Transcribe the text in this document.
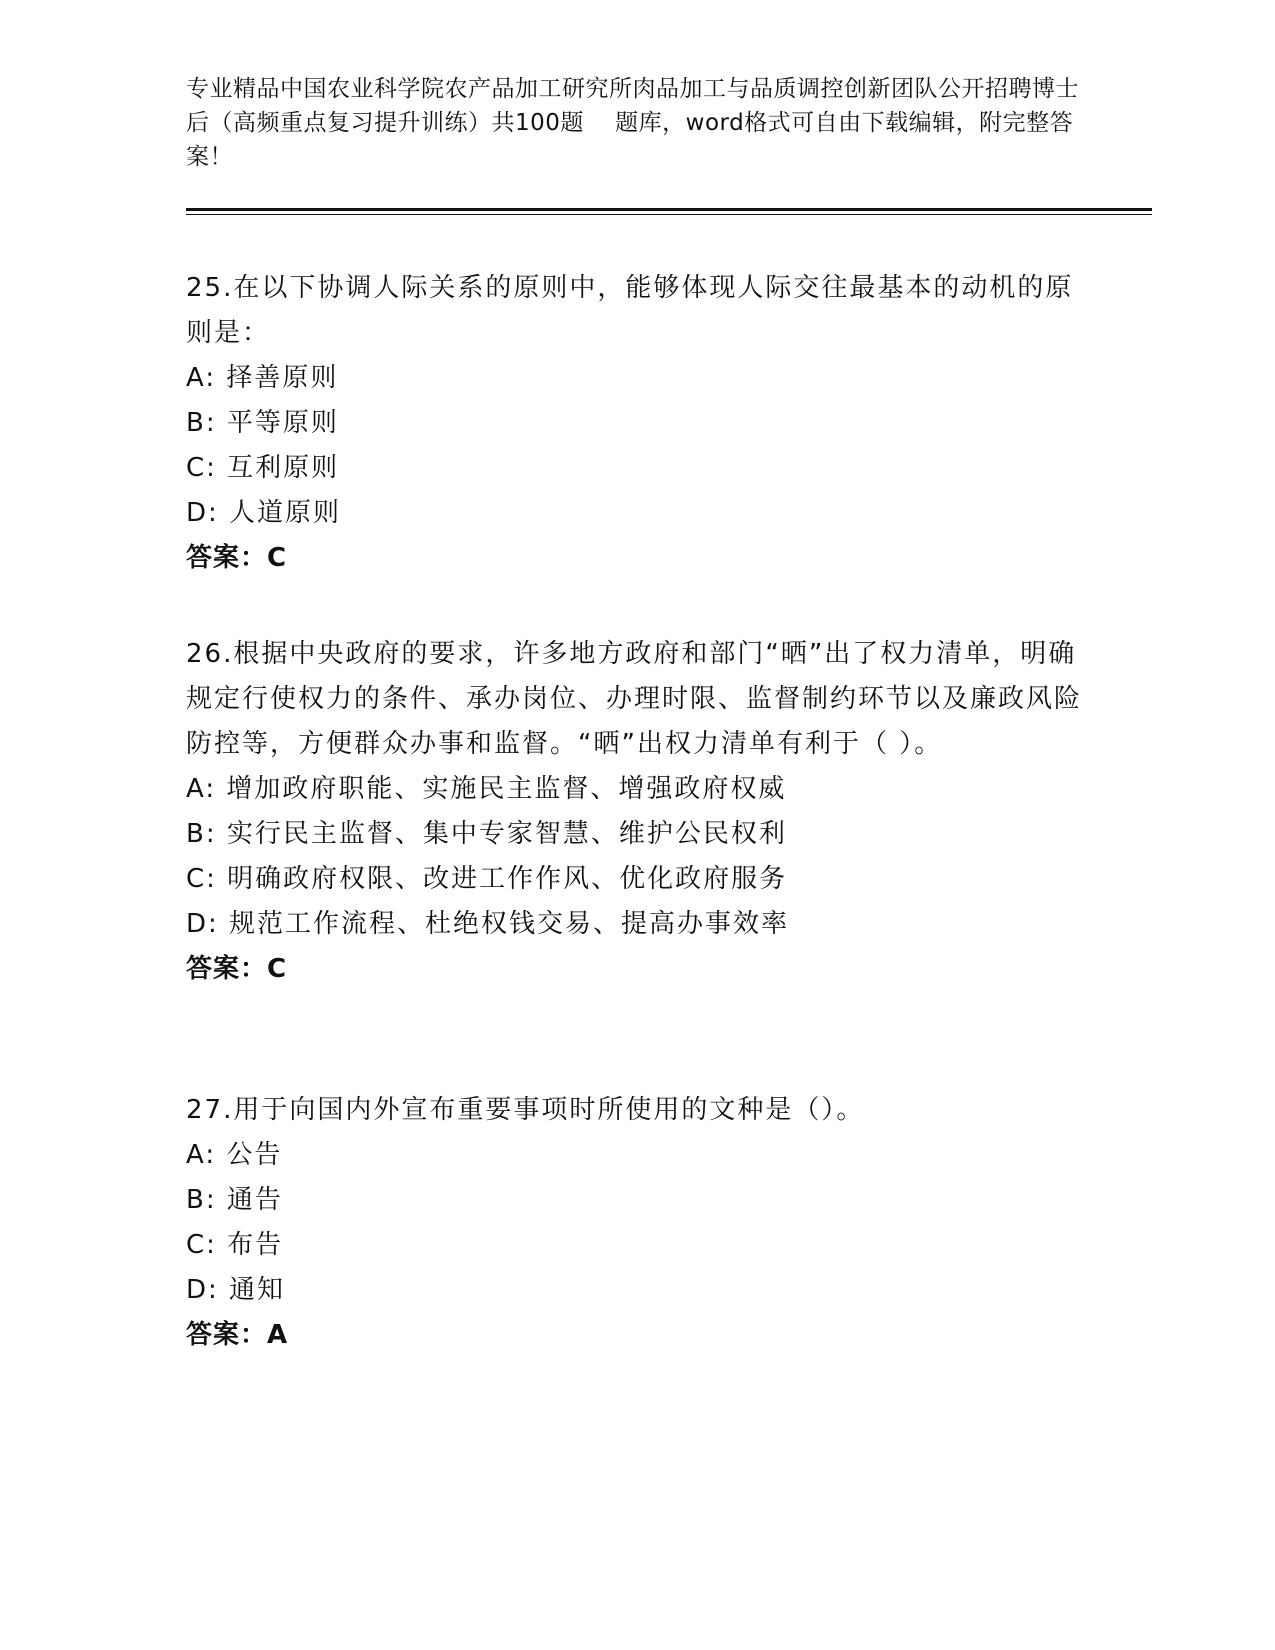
专业精品中国农业科学院农产品加工研究所肉品加工与品质调控创新团队公开招聘博士后（高频重点复习提升训练）共100题    题库，word格式可自由下载编辑，附完整答案！

25.在以下协调人际关系的原则中，能够体现人际交往最基本的动机的原则是：

A: 择善原则

B: 平等原则

C: 互利原则

D: 人道原则

答案：C

26.根据中央政府的要求，许多地方政府和部门“晒”出了权力清单，明确规定行使权力的条件、承办岗位、办理时限、监督制约环节以及廉政风险防控等，方便群众办事和监督。“晒”出权力清单有利于（ ）。

A: 增加政府职能、实施民主监督、增强政府权威

B: 实行民主监督、集中专家智慧、维护公民权利

C: 明确政府权限、改进工作作风、优化政府服务

D: 规范工作流程、杜绝权钱交易、提高办事效率

答案：C

27.用于向国内外宣布重要事项时所使用的文种是（）。

A: 公告

B: 通告

C: 布告

D: 通知

答案：A
